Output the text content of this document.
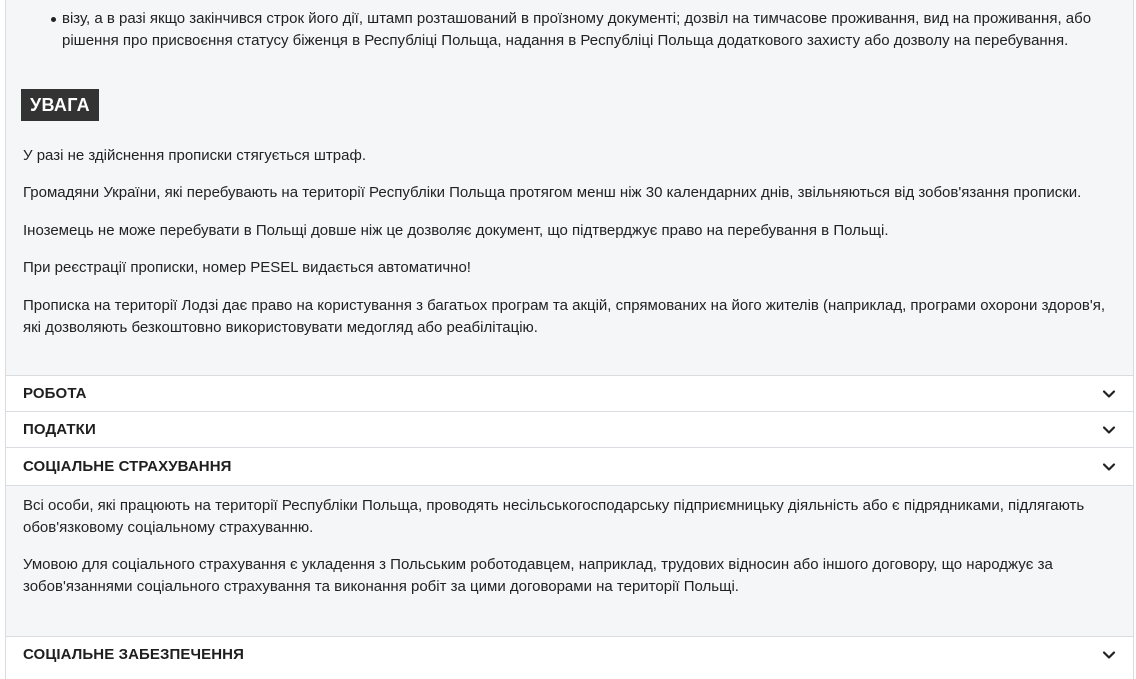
візу, а в разі якщо закінчився строк його дії, штамп розташований в проїзному документі; дозвіл на тимчасове проживання, вид на проживання, або рішення про присвоєння статусу біженця в Республіці Польща, надання в Республіці Польща додаткового захисту або дозволу на перебування.
УВАГА

У разі не здійснення прописки стягується штраф.

Громадяни України, які перебувають на території Республіки Польща протягом менш ніж 30 календарних днів, звільняються від зобов'язання прописки.

Іноземець не може перебувати в Польщі довше ніж це дозволяє документ, що підтверджує право на перебування в Польщі.

При реєстрації прописки, номер PESEL видається автоматично!

Прописка на території Лодзі дає право на користування з багатьох програм та акцій, спрямованих на його жителів (наприклад, програми охорони здоров'я, які дозволяють безкоштовно використовувати медогляд або реабілітацію.

РОБОТА
ПОДАТКИ
СОЦІАЛЬНЕ СТРАХУВАННЯ

Всі особи, які працюють на території Республіки Польща, проводять несільськогосподарську підприємницьку діяльність або є підрядниками, підлягають обов'язковому соціальному страхуванню.

Умовою для соціального страхування є укладення з Польським роботодавцем, наприклад, трудових відносин або іншого договору, що народжує за зобов'язаннями соціального страхування та виконання робіт за цими договорами на території Польщі.

СОЦІАЛЬНЕ ЗАБЕЗПЕЧЕННЯ
